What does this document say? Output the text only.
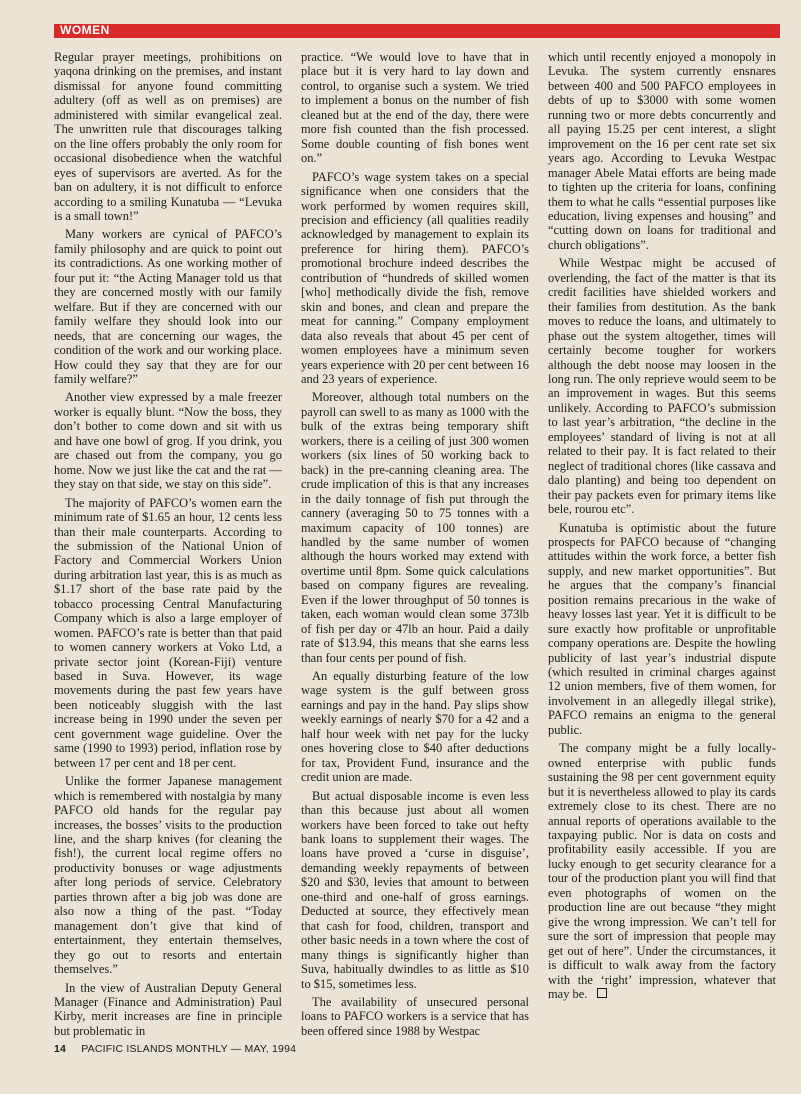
WOMEN

Regular prayer meetings, prohibitions on yaqona drinking on the premises, and instant dismissal for anyone found committing adultery (off as well as on premises) are administered with similar evangelical zeal. The unwritten rule that discourages talking on the line offers probably the only room for occasional disobedience when the watchful eyes of supervisors are averted. As for the ban on adultery, it is not difficult to enforce according to a smiling Kunatuba — “Levuka is a small town!”

Many workers are cynical of PAFCO’s family philosophy and are quick to point out its contradictions. As one working mother of four put it: “the Acting Manager told us that they are concerned mostly with our family welfare. But if they are concerned with our family welfare they should look into our needs, that are concerning our wages, the condition of the work and our working place. How could they say that they are for our family welfare?”

Another view expressed by a male freezer worker is equally blunt. “Now the boss, they don’t bother to come down and sit with us and have one bowl of grog. If you drink, you are chased out from the company, you go home. Now we just like the cat and the rat — they stay on that side, we stay on this side”.

The majority of PAFCO’s women earn the minimum rate of $1.65 an hour, 12 cents less than their male counterparts. According to the submission of the National Union of Factory and Commercial Workers Union during arbitration last year, this is as much as $1.17 short of the base rate paid by the tobacco processing Central Manufacturing Company which is also a large employer of women. PAFCO’s rate is better than that paid to women cannery workers at Voko Ltd, a private sector joint (Korean-Fiji) venture based in Suva. However, its wage movements during the past few years have been noticeably sluggish with the last increase being in 1990 under the seven per cent government wage guideline. Over the same (1990 to 1993) period, inflation rose by between 17 per cent and 18 per cent.

Unlike the former Japanese management which is remembered with nostalgia by many PAFCO old hands for the regular pay increases, the bosses’ visits to the production line, and the sharp knives (for cleaning the fish!), the current local regime offers no productivity bonuses or wage adjustments after long periods of service. Celebratory parties thrown after a big job was done are also now a thing of the past. “Today management don’t give that kind of entertainment, they entertain themselves, they go out to resorts and entertain themselves.”

In the view of Australian Deputy General Manager (Finance and Administration) Paul Kirby, merit increases are fine in principle but problematic in

practice. “We would love to have that in place but it is very hard to lay down and control, to organise such a system. We tried to implement a bonus on the number of fish cleaned but at the end of the day, there were more fish counted than the fish processed. Some double counting of fish bones went on.”

PAFCO’s wage system takes on a special significance when one considers that the work performed by women requires skill, precision and efficiency (all qualities readily acknowledged by management to explain its preference for hiring them). PAFCO’s promotional brochure indeed describes the contribution of “hundreds of skilled women [who] methodically divide the fish, remove skin and bones, and clean and prepare the meat for canning.” Company employment data also reveals that about 45 per cent of women employees have a minimum seven years experience with 20 per cent between 16 and 23 years of experience.

Moreover, although total numbers on the payroll can swell to as many as 1000 with the bulk of the extras being temporary shift workers, there is a ceiling of just 300 women workers (six lines of 50 working back to back) in the pre-canning cleaning area. The crude implication of this is that any increases in the daily tonnage of fish put through the cannery (averaging 50 to 75 tonnes with a maximum capacity of 100 tonnes) are handled by the same number of women although the hours worked may extend with overtime until 8pm. Some quick calculations based on company figures are revealing. Even if the lower throughput of 50 tonnes is taken, each woman would clean some 373lb of fish per day or 47lb an hour. Paid a daily rate of $13.94, this means that she earns less than four cents per pound of fish.

An equally disturbing feature of the low wage system is the gulf between gross earnings and pay in the hand. Pay slips show weekly earnings of nearly $70 for a 42 and a half hour week with net pay for the lucky ones hovering close to $40 after deductions for tax, Provident Fund, insurance and the credit union are made.

But actual disposable income is even less than this because just about all women workers have been forced to take out hefty bank loans to supplement their wages. The loans have proved a ‘curse in disguise’, demanding weekly repayments of between $20 and $30, levies that amount to between one-third and one-half of gross earnings. Deducted at source, they effectively mean that cash for food, children, transport and other basic needs in a town where the cost of many things is significantly higher than Suva, habitually dwindles to as little as $10 to $15, sometimes less.

The availability of unsecured personal loans to PAFCO workers is a service that has been offered since 1988 by Westpac

which until recently enjoyed a monopoly in Levuka. The system currently ensnares between 400 and 500 PAFCO employees in debts of up to $3000 with some women running two or more debts concurrently and all paying 15.25 per cent interest, a slight improvement on the 16 per cent rate set six years ago. According to Levuka Westpac manager Abele Matai efforts are being made to tighten up the criteria for loans, confining them to what he calls “essential purposes like education, living expenses and housing” and “cutting down on loans for traditional and church obligations”.

While Westpac might be accused of overlending, the fact of the matter is that its credit facilities have shielded workers and their families from destitution. As the bank moves to reduce the loans, and ultimately to phase out the system altogether, times will certainly become tougher for workers although the debt noose may loosen in the long run. The only reprieve would seem to be an improvement in wages. But this seems unlikely. According to PAFCO’s submission to last year’s arbitration, “the decline in the employees’ standard of living is not at all related to their pay. It is fact related to their neglect of traditional chores (like cassava and dalo planting) and being too dependent on their pay packets even for primary items like bele, rourou etc”.

Kunatuba is optimistic about the future prospects for PAFCO because of “changing attitudes within the work force, a better fish supply, and new market opportunities”. But he argues that the company’s financial position remains precarious in the wake of heavy losses last year. Yet it is difficult to be sure exactly how profitable or unprofitable company operations are. Despite the howling publicity of last year’s industrial dispute (which resulted in criminal charges against 12 union members, five of them women, for involvement in an allegedly illegal strike), PAFCO remains an enigma to the general public.

The company might be a fully locally-owned enterprise with public funds sustaining the 98 per cent government equity but it is nevertheless allowed to play its cards extremely close to its chest. There are no annual reports of operations available to the taxpaying public. Nor is data on costs and profitability easily accessible. If you are lucky enough to get security clearance for a tour of the production plant you will find that even photographs of women on the production line are out because “they might give the wrong impression. We can’t tell for sure the sort of impression that people may get out of here”. Under the circumstances, it is difficult to walk away from the factory with the ‘right’ impression, whatever that may be.

14 PACIFIC ISLANDS MONTHLY — MAY, 1994
